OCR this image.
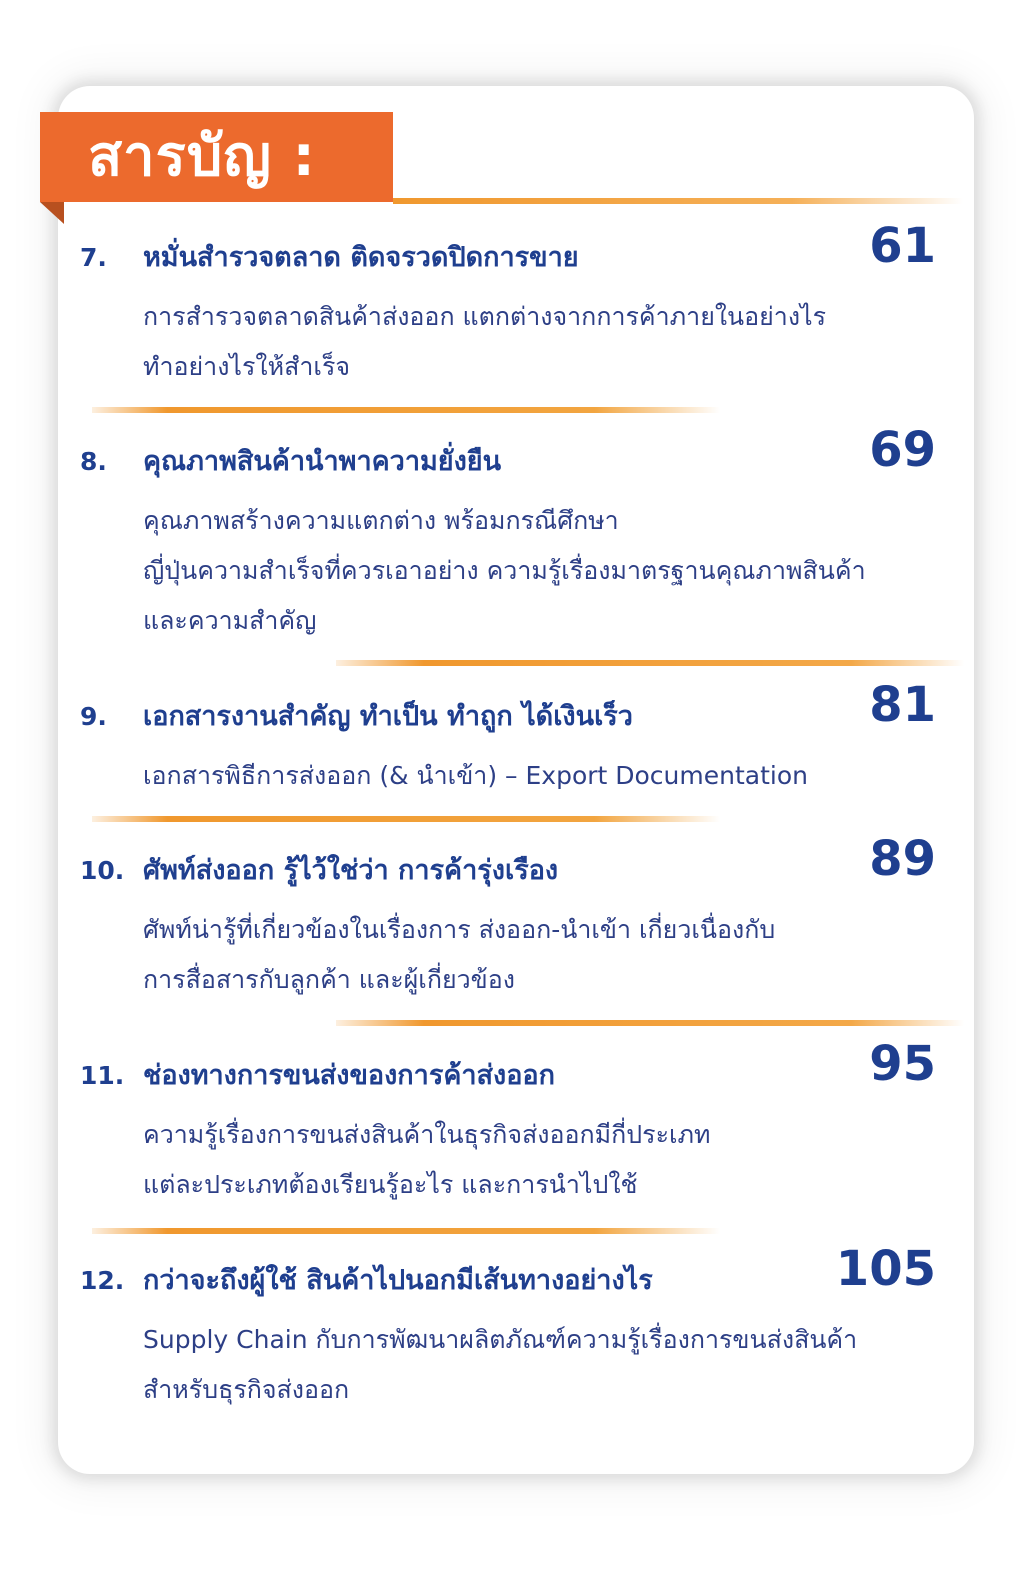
สารบัญ :
7. หมั่นสำรวจตลาด ติดจรวดปิดการขาย	61
การสำรวจตลาดสินค้าส่งออก แตกต่างจากการค้าภายในอย่างไร
ทำอย่างไรให้สำเร็จ
8. คุณภาพสินค้านำพาความยั่งยืน	69
คุณภาพสร้างความแตกต่าง พร้อมกรณีศึกษา
ญี่ปุ่นความสำเร็จที่ควรเอาอย่าง ความรู้เรื่องมาตรฐานคุณภาพสินค้า
และความสำคัญ
9. เอกสารงานสำคัญ ทำเป็น ทำถูก ได้เงินเร็ว	81
เอกสารพิธีการส่งออก (& นำเข้า) – Export Documentation
10. ศัพท์ส่งออก รู้ไว้ใช่ว่า การค้ารุ่งเรือง	89
ศัพท์น่ารู้ที่เกี่ยวข้องในเรื่องการ ส่งออก-นำเข้า เกี่ยวเนื่องกับ
การสื่อสารกับลูกค้า และผู้เกี่ยวข้อง
11. ช่องทางการขนส่งของการค้าส่งออก	95
ความรู้เรื่องการขนส่งสินค้าในธุรกิจส่งออกมีกี่ประเภท
แต่ละประเภทต้องเรียนรู้อะไร และการนำไปใช้
12. กว่าจะถึงผู้ใช้ สินค้าไปนอกมีเส้นทางอย่างไร	105
Supply Chain กับการพัฒนาผลิตภัณฑ์ความรู้เรื่องการขนส่งสินค้า
สำหรับธุรกิจส่งออก
